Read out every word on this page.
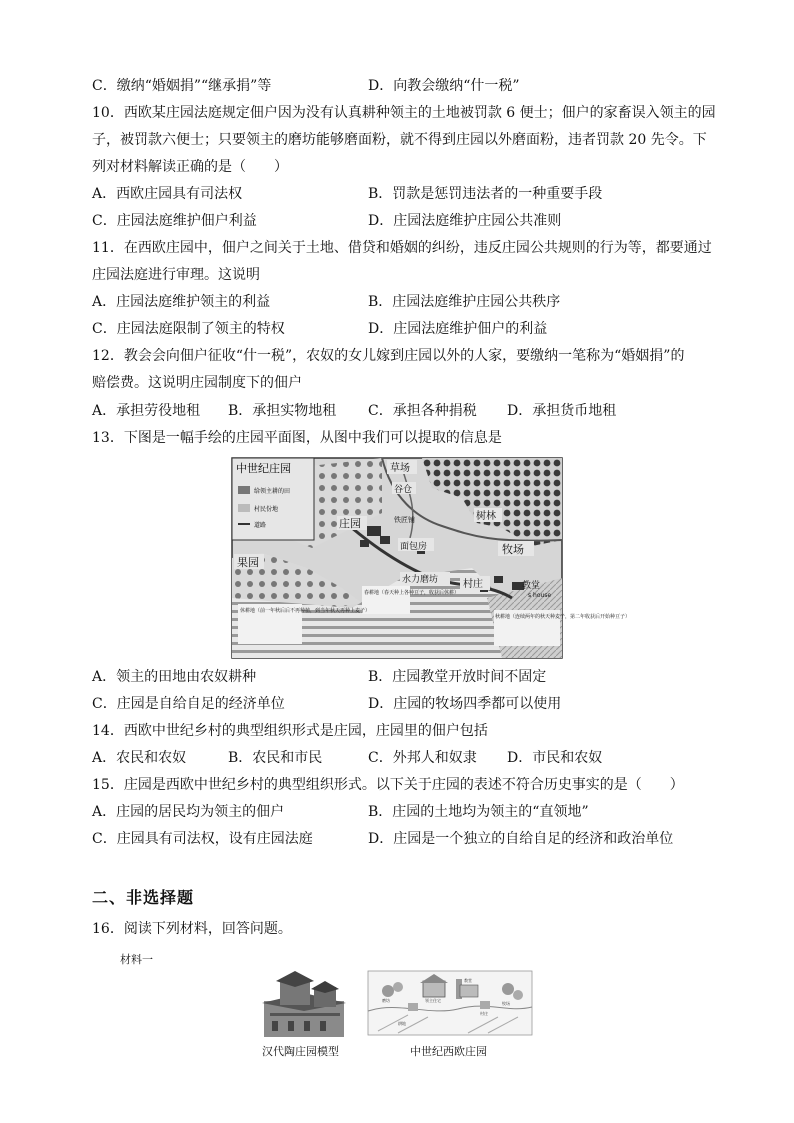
C．缴纳“婚姻捐”“继承捐”等	D．向教会缴纳“什一税”
10．西欧某庄园法庭规定佃户因为没有认真耕种领主的土地被罚款 6 便士；佃户的家畜误入领主的园
子，被罚款六便士；只要领主的磨坊能够磨面粉，就不得到庄园以外磨面粉，违者罚款 20 先令。下
列对材料解读正确的是（　　）
A．西欧庄园具有司法权	B．罚款是惩罚违法者的一种重要手段
C．庄园法庭维护佃户利益	D．庄园法庭维护庄园公共准则
11．在西欧庄园中，佃户之间关于土地、借贷和婚姻的纠纷，违反庄园公共规则的行为等，都要通过
庄园法庭进行审理。这说明
A．庄园法庭维护领主的利益	B．庄园法庭维护庄园公共秩序
C．庄园法庭限制了领主的特权	D．庄园法庭维护佃户的利益
12．教会会向佃户征收“什一税”，农奴的女儿嫁到庄园以外的人家，要缴纳一笔称为“婚姻捐”的
赔偿费。这说明庄园制度下的佃户
A．承担劳役地租 B．承担实物地租 C．承担各种捐税 D．承担货币地租
13．下图是一幅手绘的庄园平面图，从图中我们可以提取的信息是
中世纪庄园
给领主耕的田
村民份地
道路
草场
谷仓
庄园	铁匠铺
面包房
树林
牧场
果园
水力磨坊 村庄	教堂
s house
春耕地（春天种上各种豆子，收获后休耕）
休耕地（前一年秋后后不再种植，到当年秋天再种上麦子）
秋耕地（连续两年的秋天种麦子，第二年收获后开始种豆子）
A．领主的田地由农奴耕种	B．庄园教堂开放时间不固定
C．庄园是自给自足的经济单位	D．庄园的牧场四季都可以使用
14．西欧中世纪乡村的典型组织形式是庄园，庄园里的佃户包括
A．农民和农奴	B．农民和市民	C．外邦人和奴隶 D．市民和农奴
15．庄园是西欧中世纪乡村的典型组织形式。以下关于庄园的表述不符合历史事实的是（　　）
A．庄园的居民均为领主的佃户	B．庄园的土地均为领主的“直领地”
C．庄园具有司法权，设有庄园法庭	D．庄园是一个独立的自给自足的经济和政治单位
二、非选择题
16．阅读下列材料，回答问题。
材料一
领主住宅
教堂
磨坊
村庄
耕地
牧场
汉代陶庄园模型	中世纪西欧庄园
